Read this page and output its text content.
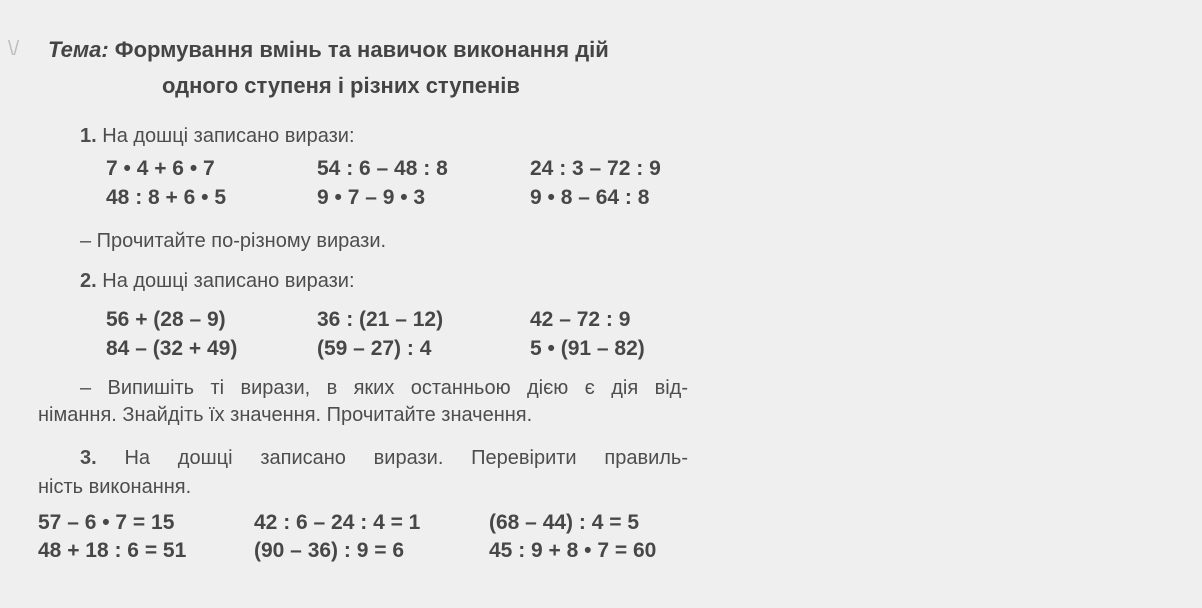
\/ Тема: Формування вмінь та навичок виконання дій
одного ступеня і різних ступенів
1. На дошці записано вирази:
7 • 4 + 6 • 7	54 : 6 – 48 : 8	24 : 3 – 72 : 9
48 : 8 + 6 • 5	9 • 7 – 9 • 3	9 • 8 – 64 : 8
– Прочитайте по-різному вирази.
2. На дошці записано вирази:
56 + (28 – 9)	36 : (21 – 12)	42 – 72 : 9
84 – (32 + 49)	(59 – 27) : 4	5 • (91 – 82)
– Випишіть ті вирази, в яких останньою дією є дія від-
німання. Знайдіть їх значення. Прочитайте значення.
3. На дошці записано вирази. Перевірити правиль-
ність виконання.
57 – 6 • 7 = 15	42 : 6 – 24 : 4 = 1	(68 – 44) : 4 = 5
48 + 18 : 6 = 51	(90 – 36) : 9 = 6	45 : 9 + 8 • 7 = 60
